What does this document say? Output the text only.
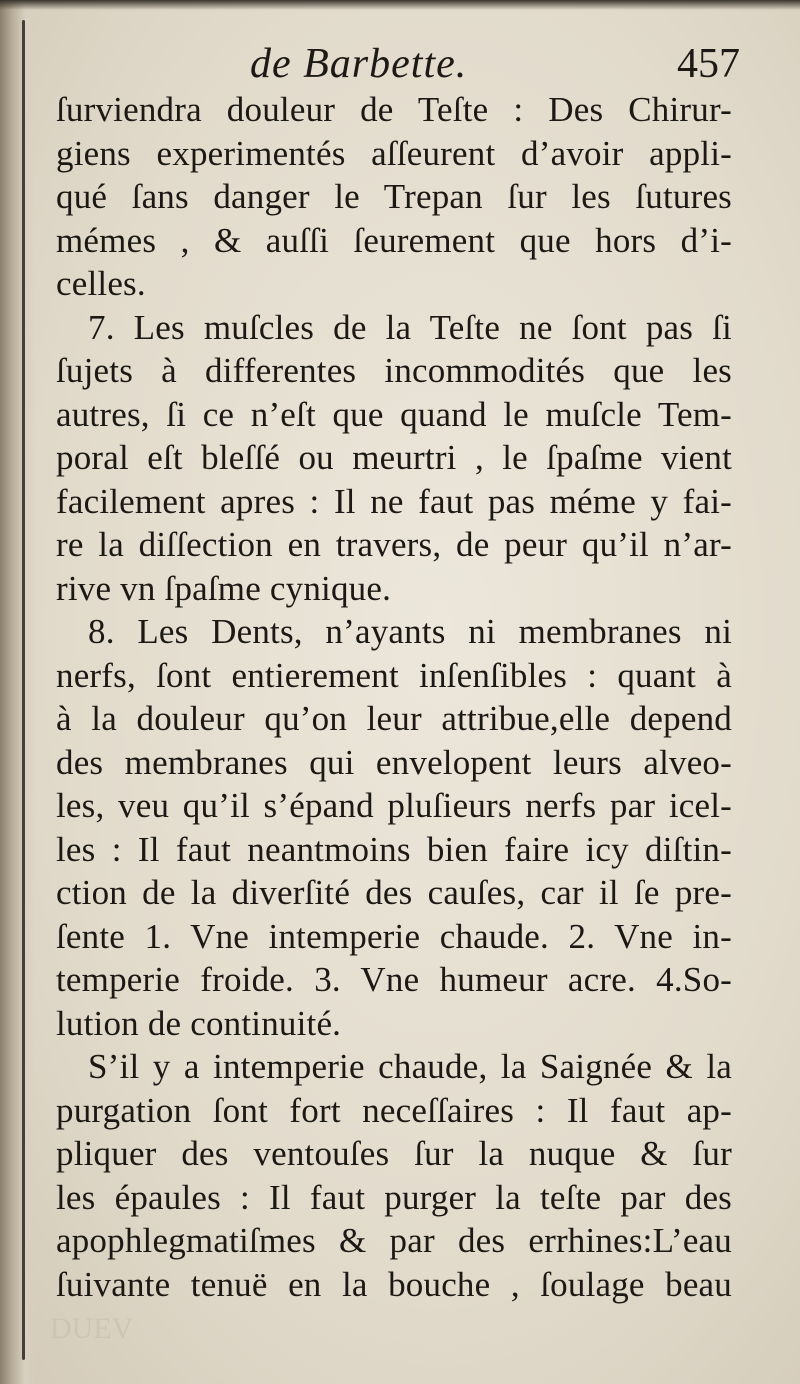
de Barbette.	457
ſurviendra douleur de Teſte : Des Chirur-
giens experimentés aſſeurent d’avoir appli-
qué ſans danger le Trepan ſur les ſutures
mémes , & auſſi ſeurement que hors d’i-
celles.
7. Les muſcles de la Teſte ne ſont pas ſi
ſujets à differentes incommodités que les
autres, ſi ce n’eſt que quand le muſcle Tem-
poral eſt bleſſé ou meurtri , le ſpaſme vient
facilement apres : Il ne faut pas méme y fai-
re la diſſection en travers, de peur qu’il n’ar-
rive vn ſpaſme cynique.
8. Les Dents, n’ayants ni membranes ni
nerfs, ſont entierement inſenſibles : quant à
à la douleur qu’on leur attribue,elle depend
des membranes qui envelopent leurs alveo-
les, veu qu’il s’épand pluſieurs nerfs par icel-
les : Il faut neantmoins bien faire icy diſtin-
ction de la diverſité des cauſes, car il ſe pre-
ſente 1. Vne intemperie chaude. 2. Vne in-
temperie froide. 3. Vne humeur acre. 4.So-
lution de continuité.
S’il y a intemperie chaude, la Saignée & la
purgation ſont fort neceſſaires : Il faut ap-
pliquer des ventouſes ſur la nuque & ſur
les épaules : Il faut purger la teſte par des
apophlegmatiſmes & par des errhines:L’eau
ſuivante tenuë en la bouche , ſoulage beau
DUEV
